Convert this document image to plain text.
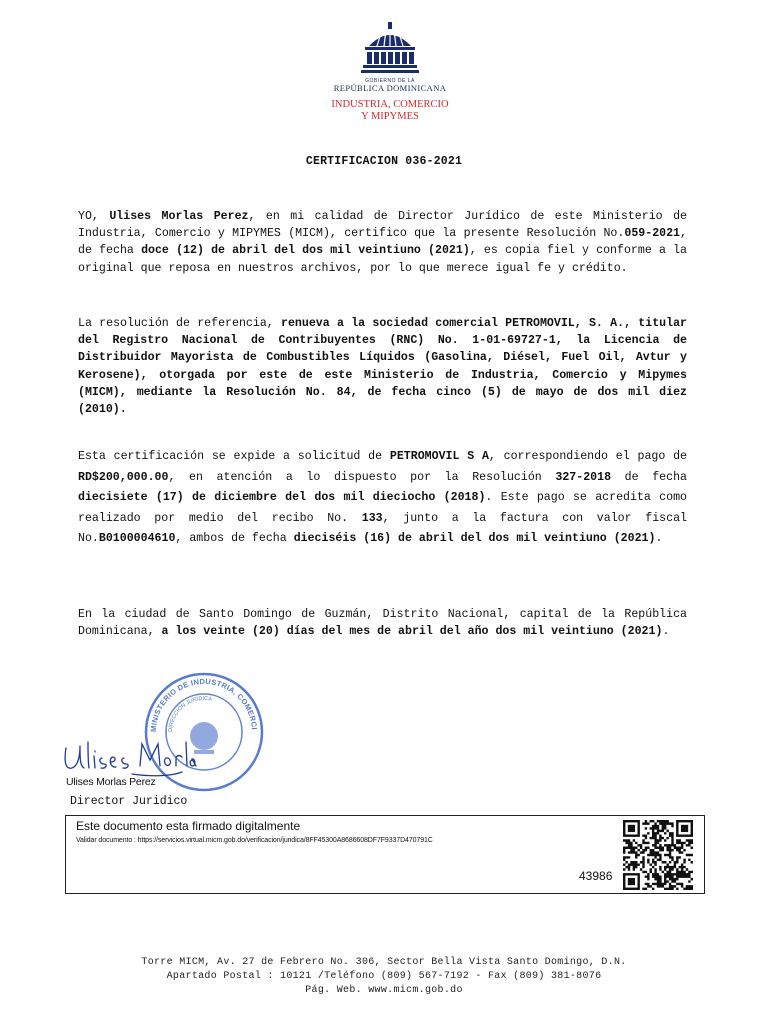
GOBIERNO DE LA
REPÚBLICA DOMINICANA
INDUSTRIA, COMERCIO
Y MIPYMES
CERTIFICACION 036-2021
YO, Ulises Morlas Perez, en mi calidad de Director Jurídico de este Ministerio de Industria, Comercio y MIPYMES (MICM), certifico que la presente Resolución No.059-2021, de fecha doce (12) de abril del dos mil veintiuno (2021), es copia fiel y conforme a la original que reposa en nuestros archivos, por lo que merece igual fe y crédito.
La resolución de referencia, renueva a la sociedad comercial PETROMOVIL, S. A., titular del Registro Nacional de Contribuyentes (RNC) No. 1-01-69727-1, la Licencia de Distribuidor Mayorista de Combustibles Líquidos (Gasolina, Diésel, Fuel Oil, Avtur y Kerosene), otorgada por este de este Ministerio de Industria, Comercio y Mipymes (MICM), mediante la Resolución No. 84, de fecha cinco (5) de mayo de dos mil diez (2010).
Esta certificación se expide a solicitud de PETROMOVIL S A, correspondiendo el pago de RD$200,000.00, en atención a lo dispuesto por la Resolución 327-2018 de fecha diecisiete (17) de diciembre del dos mil dieciocho (2018). Este pago se acredita como realizado por medio del recibo No. 133, junto a la factura con valor fiscal No.B0100004610, ambos de fecha dieciséis (16) de abril del dos mil veintiuno (2021).
En la ciudad de Santo Domingo de Guzmán, Distrito Nacional, capital de la República Dominicana, a los veinte (20) días del mes de abril del año dos mil veintiuno (2021).
MINISTERIO DE INDUSTRIA, COMERCI
DIRECCIÓN JURÍDICA
Ulises Morlas Perez
Director Juridico
Este documento esta firmado digitalmente
Validar documento : https://servicios.virtual.micm.gob.do/verificacion/juridica/8FF45300A8686608DF7F9337D470791C
43986
Torre MICM, Av. 27 de Febrero No. 306, Sector Bella Vista Santo Domingo, D.N.
Apartado Postal : 10121 /Teléfono (809) 567-7192 - Fax (809) 381-8076
Pág. Web. www.micm.gob.do
